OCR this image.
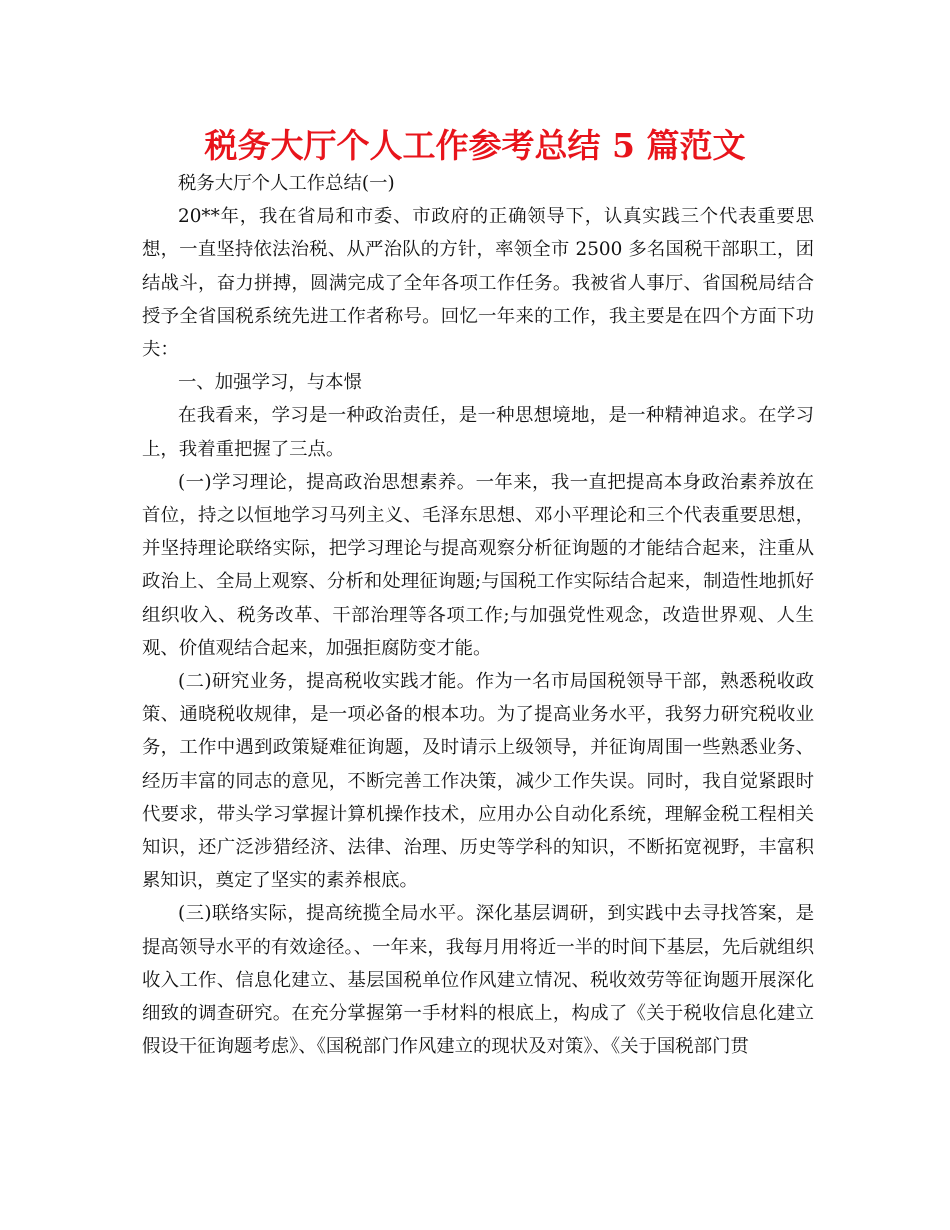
税务大厅个人工作参考总结 5 篇范文

税务大厅个人工作总结(一)

20**年，我在省局和市委、市政府的正确领导下，认真实践三个代表重要思想，一直坚持依法治税、从严治队的方针，率领全市 2500 多名国税干部职工，团结战斗，奋力拼搏，圆满完成了全年各项工作任务。我被省人事厅、省国税局结合授予全省国税系统先进工作者称号。回忆一年来的工作，我主要是在四个方面下功夫：

一、加强学习，与本憬

在我看来，学习是一种政治责任，是一种思想境地，是一种精神追求。在学习上，我着重把握了三点。

(一)学习理论，提高政治思想素养。一年来，我一直把提高本身政治素养放在首位，持之以恒地学习马列主义、毛泽东思想、邓小平理论和三个代表重要思想，并坚持理论联络实际，把学习理论与提高观察分析征询题的才能结合起来，注重从政治上、全局上观察、分析和处理征询题;与国税工作实际结合起来，制造性地抓好组织收入、税务改革、干部治理等各项工作;与加强党性观念，改造世界观、人生观、价值观结合起来，加强拒腐防变才能。

(二)研究业务，提高税收实践才能。作为一名市局国税领导干部，熟悉税收政策、通晓税收规律，是一项必备的根本功。为了提高业务水平，我努力研究税收业务，工作中遇到政策疑难征询题，及时请示上级领导，并征询周围一些熟悉业务、经历丰富的同志的意见，不断完善工作决策，减少工作失误。同时，我自觉紧跟时代要求，带头学习掌握计算机操作技术，应用办公自动化系统，理解金税工程相关知识，还广泛涉猎经济、法律、治理、历史等学科的知识，不断拓宽视野，丰富积累知识，奠定了坚实的素养根底。

(三)联络实际，提高统揽全局水平。深化基层调研，到实践中去寻找答案，是提高领导水平的有效途径。、一年来，我每月用将近一半的时间下基层，先后就组织收入工作、信息化建立、基层国税单位作风建立情况、税收效劳等征询题开展深化细致的调查研究。在充分掌握第一手材料的根底上，构成了《关于税收信息化建立假设干征询题考虑》、《国税部门作风建立的现状及对策》、《关于国税部门贯
